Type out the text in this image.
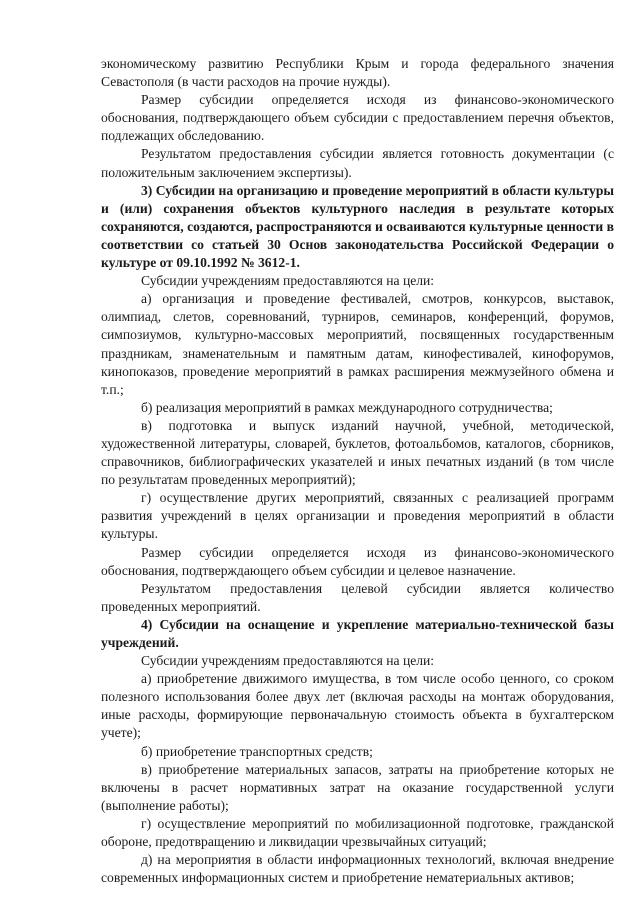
экономическому развитию Республики Крым и города федерального значения Севастополя (в части расходов на прочие нужды).

Размер субсидии определяется исходя из финансово-экономического обоснования, подтверждающего объем субсидии с предоставлением перечня объектов, подлежащих обследованию.

Результатом предоставления субсидии является готовность документации (с положительным заключением экспертизы).

3) Субсидии на организацию и проведение мероприятий в области культуры и (или) сохранения объектов культурного наследия в результате которых сохраняются, создаются, распространяются и осваиваются культурные ценности в соответствии со статьей 30 Основ законодательства Российской Федерации о культуре от 09.10.1992 № 3612-1.

Субсидии учреждениям предоставляются на цели:

а) организация и проведение фестивалей, смотров, конкурсов, выставок, олимпиад, слетов, соревнований, турниров, семинаров, конференций, форумов, симпозиумов, культурно-массовых мероприятий, посвященных государственным праздникам, знаменательным и памятным датам, кинофестивалей, кинофорумов, кинопоказов, проведение мероприятий в рамках расширения межмузейного обмена и т.п.;

б) реализация мероприятий в рамках международного сотрудничества;

в) подготовка и выпуск изданий научной, учебной, методической, художественной литературы, словарей, буклетов, фотоальбомов, каталогов, сборников, справочников, библиографических указателей и иных печатных изданий (в том числе по результатам проведенных мероприятий);

г) осуществление других мероприятий, связанных с реализацией программ развития учреждений в целях организации и проведения мероприятий в области культуры.

Размер субсидии определяется исходя из финансово-экономического обоснования, подтверждающего объем субсидии и целевое назначение.

Результатом предоставления целевой субсидии является количество проведенных мероприятий.

4) Субсидии на оснащение и укрепление материально-технической базы учреждений.

Субсидии учреждениям предоставляются на цели:

а) приобретение движимого имущества, в том числе особо ценного, со сроком полезного использования более двух лет (включая расходы на монтаж оборудования, иные расходы, формирующие первоначальную стоимость объекта в бухгалтерском учете);

б) приобретение транспортных средств;

в) приобретение материальных запасов, затраты на приобретение которых не включены в расчет нормативных затрат на оказание государственной услуги (выполнение работы);

г) осуществление мероприятий по мобилизационной подготовке, гражданской обороне, предотвращению и ликвидации чрезвычайных ситуаций;

д) на мероприятия в области информационных технологий, включая внедрение современных информационных систем и приобретение нематериальных активов;
